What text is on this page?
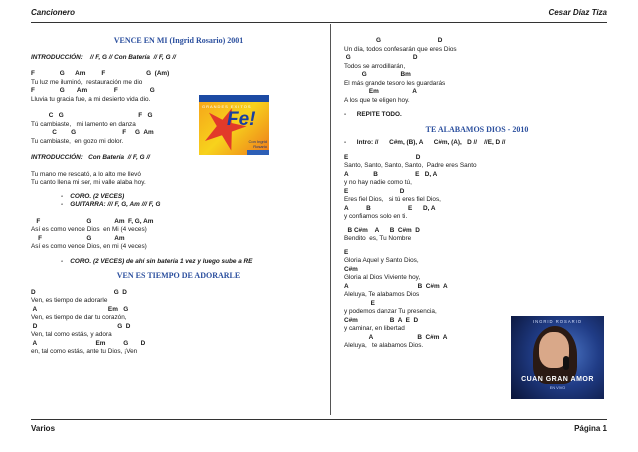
Cancionero	Cesar Díaz Tiza
Varios	Página 1
VENCE EN MI (Ingrid Rosario) 2001
INTRODUCCIÓN:    // F, G // Con Batería  // F, G //
F              G      Am         F                       G  (Am)
Tu luz me iluminó,  restauración me dio
F              G       Am               F                  G
Lluvia tu gracia fue, a mi desierto vida dio.
C   G                                          F   G
Tú cambiaste,   mi lamento en danza
C        G                          F     G  Am
Tu cambiaste,  en gozo mi dolor.
INTRODUCCIÓN:   Con Batería  // F, G //
Tu mano me rescató, a lo alto me llevó
Tu canto llena mi ser, mi valle alaba hoy.
-    CORO. (2 VECES)
-    GUITARRA: /// F, G, Am /// F, G
F                          G             Am  F, G, Am
Así es como vence Dios  en Mi (4 veces)
F                         G             Am
Así es como vence Dios, en mi (4 veces)
-    CORO. (2 VECES) de ahí sin batería 1 vez y luego sube a RE
VEN ES TIEMPO DE ADORARLE
D                                            G  D
Ven, es tiempo de adorarle
A                                        Em   G
Ven, es tiempo de dar tu corazón,
D                                             G  D
Ven, tal como estás, y adora
A                                 Em          G       D
en, tal como estás, ante tu Dios, ¡Ven
GRANDES EXITOS
Fe!
Con Ingrid
Rosario
G                                D
Un día, todos confesarán que eres Dios
G                                   D
Todos se arrodillarán,
G                   Bm
El más grande tesoro les guardarás
Em                   A
A los que te eligen hoy.
-      REPITE TODO.
TE ALABAMOS DIOS - 2010
-      Intro: //      C#m, (B), A      C#m, (A),   D //    //E, D //
E                                      D
Santo, Santo, Santo, Santo,  Padre eres Santo
A              B                     E   D, A
y no hay nadie como tú,
E                             D
Eres fiel Dios,   si tú eres fiel Dios,
A          B                     E      D, A
y confiamos solo en ti.
B C#m    A      B  C#m  D
Bendito  es, Tu Nombre
E
Gloria Aquel y Santo Dios,
C#m
Gloria al Dios Viviente hoy,
A                                       B  C#m  A
Aleluya, Te alabamos Dios
E
y podemos danzar Tu presencia,
C#m                  B  A  E  D
y caminar, en libertad
A                         B  C#m  A
Aleluya,   te alabamos Dios.
INGRID ROSARIO
CUAN GRAN AMOR
EN VIVO
